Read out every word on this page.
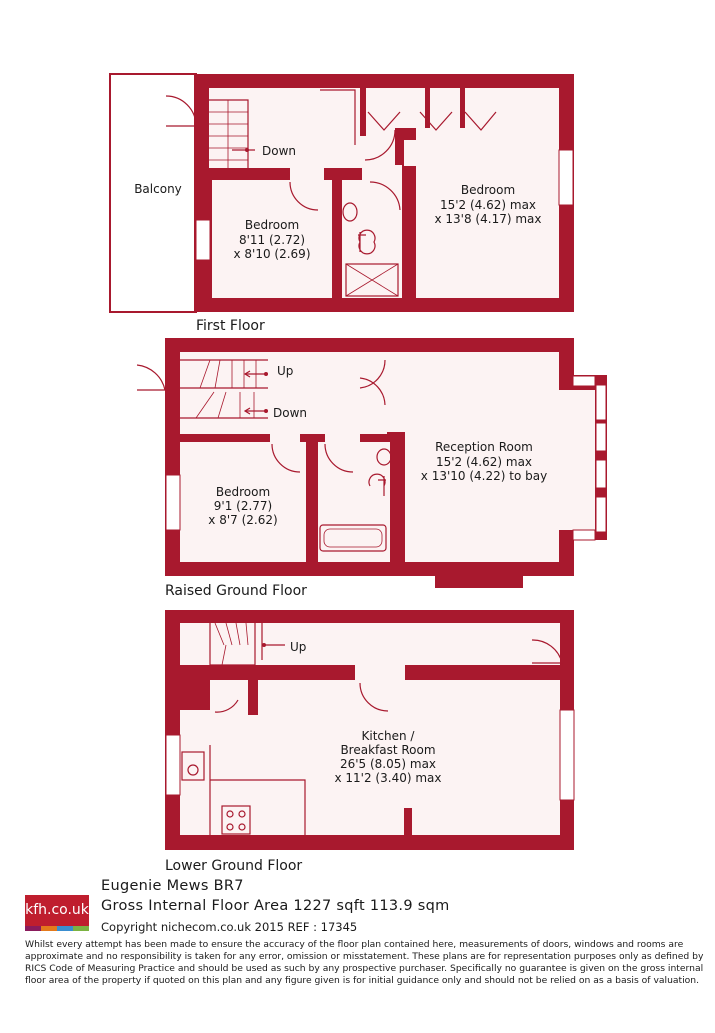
Balcony
Down
Bedroom
8'11 (2.72)
x 8'10 (2.69)
Bedroom
15'2 (4.62) max
x 13'8 (4.17) max
Up
Down
Bedroom
9'1 (2.77)
x 8'7 (2.62)
Reception Room
15'2 (4.62) max
x 13'10 (4.22) to bay
Up
Kitchen /
Breakfast Room
26'5 (8.05) max
x 11'2 (3.40) max
First Floor
Raised Ground Floor
Lower Ground Floor
kfh.co.uk
Eugenie Mews BR7
Gross Internal Floor Area 1227 sqft 113.9 sqm
Copyright nichecom.co.uk 2015 REF : 17345
Whilst every attempt has been made to ensure the accuracy of the floor plan contained here, measurements of doors, windows and rooms are approximate and no responsibility is taken for any error, omission or misstatement. These plans are for representation purposes only as defined by RICS Code of Measuring Practice and should be used as such by any prospective purchaser. Specifically no guarantee is given on the gross internal floor area of the property if quoted on this plan and any figure given is for initial guidance only and should not be relied on as a basis of valuation.
